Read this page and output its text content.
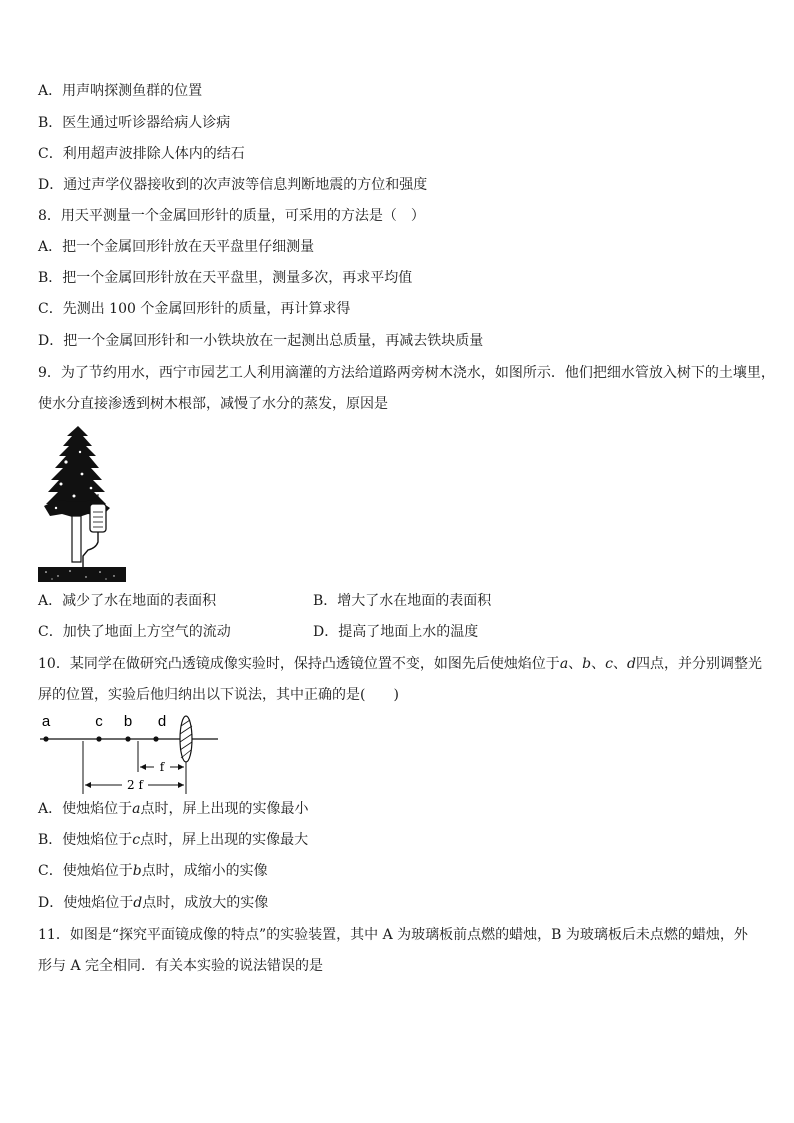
A．用声呐探测鱼群的位置
B．医生通过听诊器给病人诊病
C．利用超声波排除人体内的结石
D．通过声学仪器接收到的次声波等信息判断地震的方位和强度
8．用天平测量一个金属回形针的质量，可采用的方法是（　）
A．把一个金属回形针放在天平盘里仔细测量
B．把一个金属回形针放在天平盘里，测量多次，再求平均值
C．先测出 100 个金属回形针的质量，再计算求得
D．把一个金属回形针和一小铁块放在一起测出总质量，再减去铁块质量
9．为了节约用水，西宁市园艺工人利用滴灌的方法给道路两旁树木浇水，如图所示．他们把细水管放入树下的土壤里，
使水分直接渗透到树木根部，减慢了水分的蒸发，原因是
A．减少了水在地面的表面积	B．增大了水在地面的表面积
C．加快了地面上方空气的流动	D．提高了地面上水的温度
10．某同学在做研究凸透镜成像实验时，保持凸透镜位置不变，如图先后使烛焰位于a、b、c、d四点，并分别调整光
屏的位置，实验后他归纳出以下说法，其中正确的是(　　)
a	c b d
f
2 f
A．使烛焰位于a点时，屏上出现的实像最小
B．使烛焰位于c点时，屏上出现的实像最大
C．使烛焰位于b点时，成缩小的实像
D．使烛焰位于d点时，成放大的实像
11．如图是“探究平面镜成像的特点”的实验装置，其中 A 为玻璃板前点燃的蜡烛，B 为玻璃板后未点燃的蜡烛，外
形与 A 完全相同．有关本实验的说法错误的是
